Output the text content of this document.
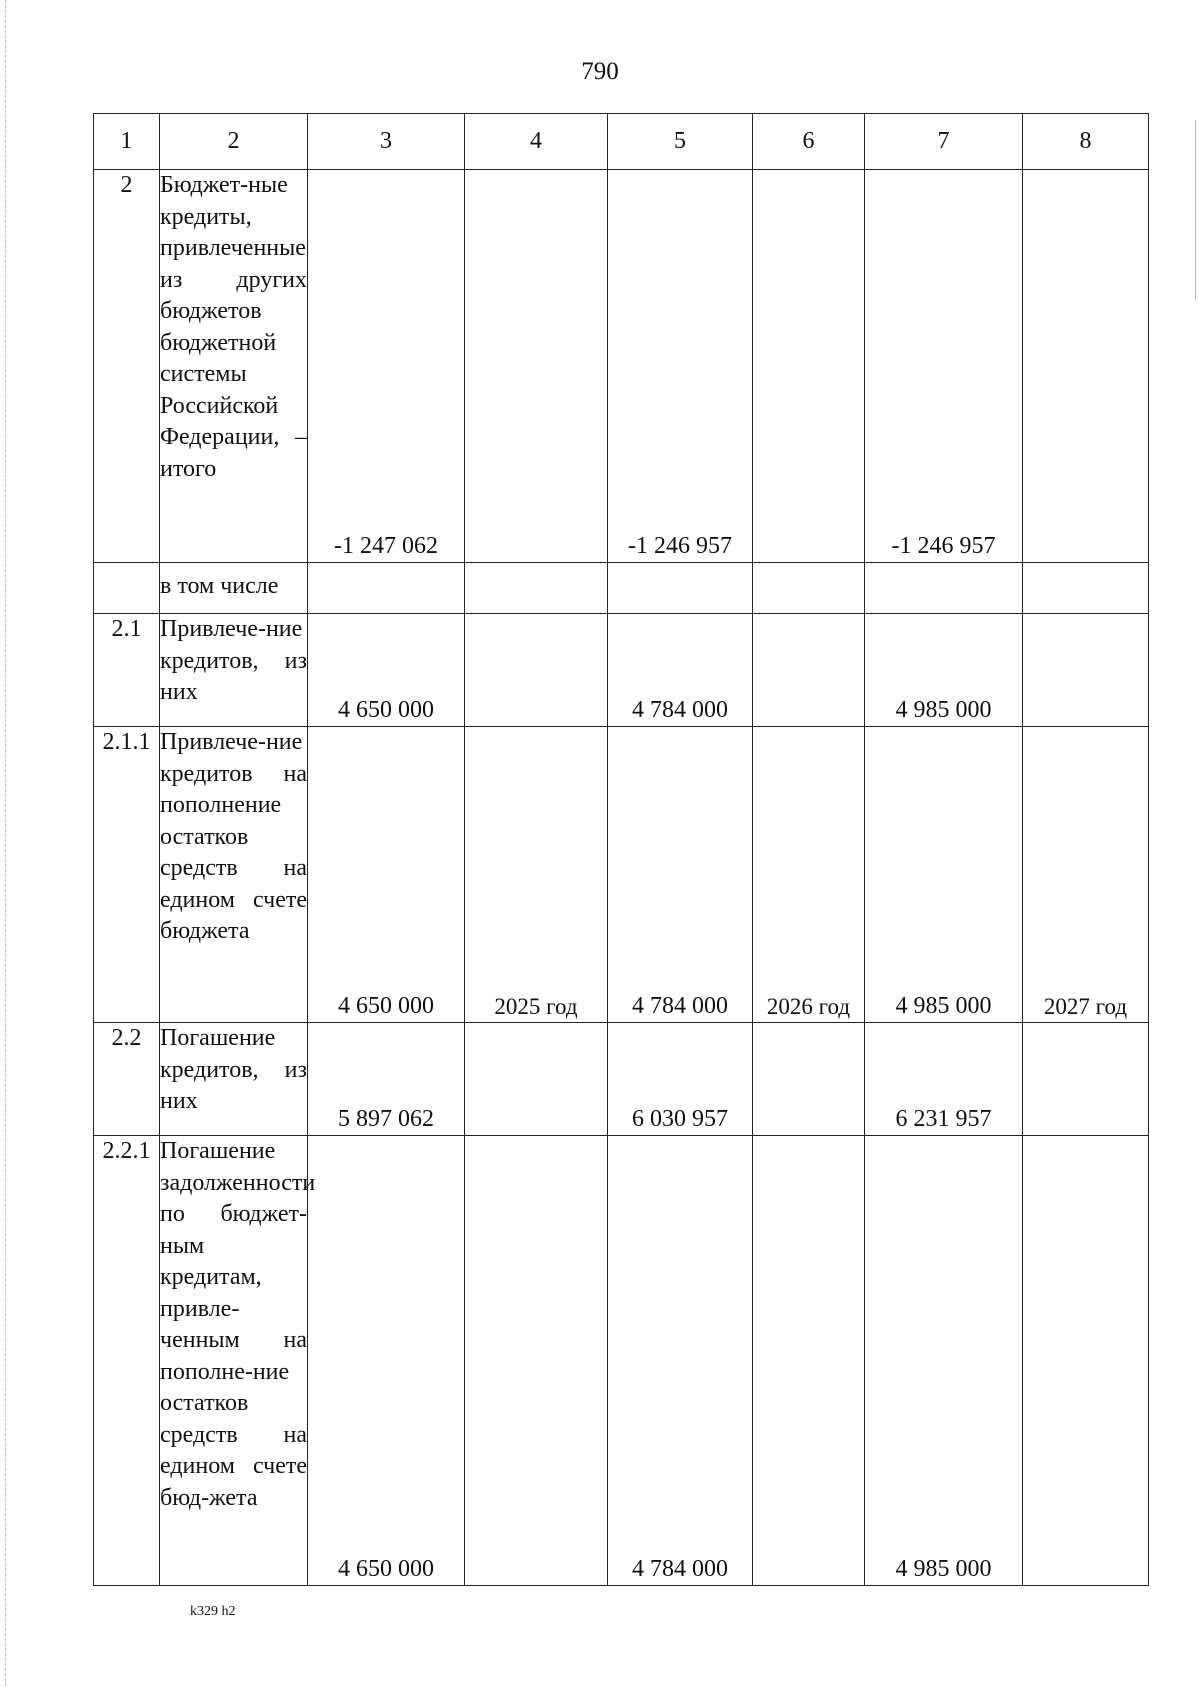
790
1	2	3	4	5	6	7	8
2	Бюджет-ные кредиты, привлеченные из других бюджетов бюджетной системы Российской Федерации, – итого	-1 247 062		-1 246 957		-1 246 957	
	в том числе						
2.1	Привлече-ние кредитов, из них	4 650 000		4 784 000		4 985 000	
2.1.1	Привлече-ние кредитов на пополнение остатков средств на едином счете бюджета	4 650 000	2025 год	4 784 000	2026 год	4 985 000	2027 год
2.2	Погашение кредитов, из них	5 897 062		6 030 957		6 231 957	
2.2.1	Погашение задолженности по бюджет-ным кредитам, привле-ченным на пополне-ние остатков средств на едином счете бюд-жета	4 650 000		4 784 000		4 985 000	
k329 h2
